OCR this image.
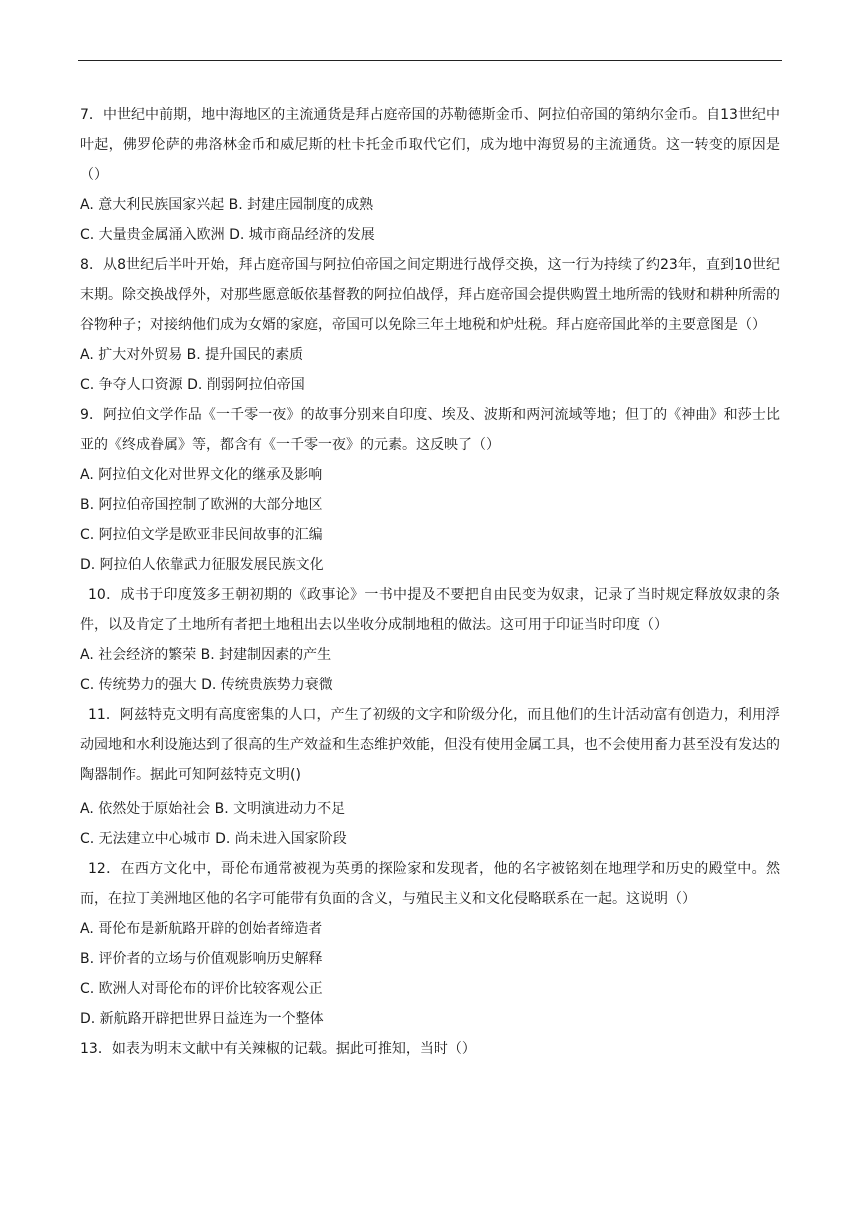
7．中世纪中前期，地中海地区的主流通货是拜占庭帝国的苏勒德斯金币、阿拉伯帝国的第纳尔金币。自13世纪中叶起，佛罗伦萨的弗洛林金币和威尼斯的杜卡托金币取代它们，成为地中海贸易的主流通货。这一转变的原因是（）

A. 意大利民族国家兴起 B. 封建庄园制度的成熟

C. 大量贵金属涌入欧洲 D. 城市商品经济的发展

8．从8世纪后半叶开始，拜占庭帝国与阿拉伯帝国之间定期进行战俘交换，这一行为持续了约23年，直到10世纪末期。除交换战俘外，对那些愿意皈依基督教的阿拉伯战俘，拜占庭帝国会提供购置土地所需的钱财和耕种所需的谷物种子；对接纳他们成为女婿的家庭，帝国可以免除三年土地税和炉灶税。拜占庭帝国此举的主要意图是（）

A. 扩大对外贸易 B. 提升国民的素质

C. 争夺人口资源 D. 削弱阿拉伯帝国

9．阿拉伯文学作品《一千零一夜》的故事分别来自印度、埃及、波斯和两河流域等地；但丁的《神曲》和莎士比亚的《终成眷属》等，都含有《一千零一夜》的元素。这反映了（）

A. 阿拉伯文化对世界文化的继承及影响

B. 阿拉伯帝国控制了欧洲的大部分地区

C. 阿拉伯文学是欧亚非民间故事的汇编

D. 阿拉伯人依靠武力征服发展民族文化

10．成书于印度笈多王朝初期的《政事论》一书中提及不要把自由民变为奴隶，记录了当时规定释放奴隶的条件，以及肯定了土地所有者把土地租出去以坐收分成制地租的做法。这可用于印证当时印度（）

A. 社会经济的繁荣 B. 封建制因素的产生

C. 传统势力的强大 D. 传统贵族势力衰微

11．阿兹特克文明有高度密集的人口，产生了初级的文字和阶级分化，而且他们的生计活动富有创造力，利用浮动园地和水利设施达到了很高的生产效益和生态维护效能，但没有使用金属工具，也不会使用畜力甚至没有发达的陶器制作。据此可知阿兹特克文明()

A. 依然处于原始社会 B. 文明演进动力不足

C. 无法建立中心城市 D. 尚未进入国家阶段

12．在西方文化中，哥伦布通常被视为英勇的探险家和发现者，他的名字被铭刻在地理学和历史的殿堂中。然而，在拉丁美洲地区他的名字可能带有负面的含义，与殖民主义和文化侵略联系在一起。这说明（）

A. 哥伦布是新航路开辟的创始者缔造者

B. 评价者的立场与价值观影响历史解释

C. 欧洲人对哥伦布的评价比较客观公正

D. 新航路开辟把世界日益连为一个整体

13．如表为明末文献中有关辣椒的记载。据此可推知，当时（）
